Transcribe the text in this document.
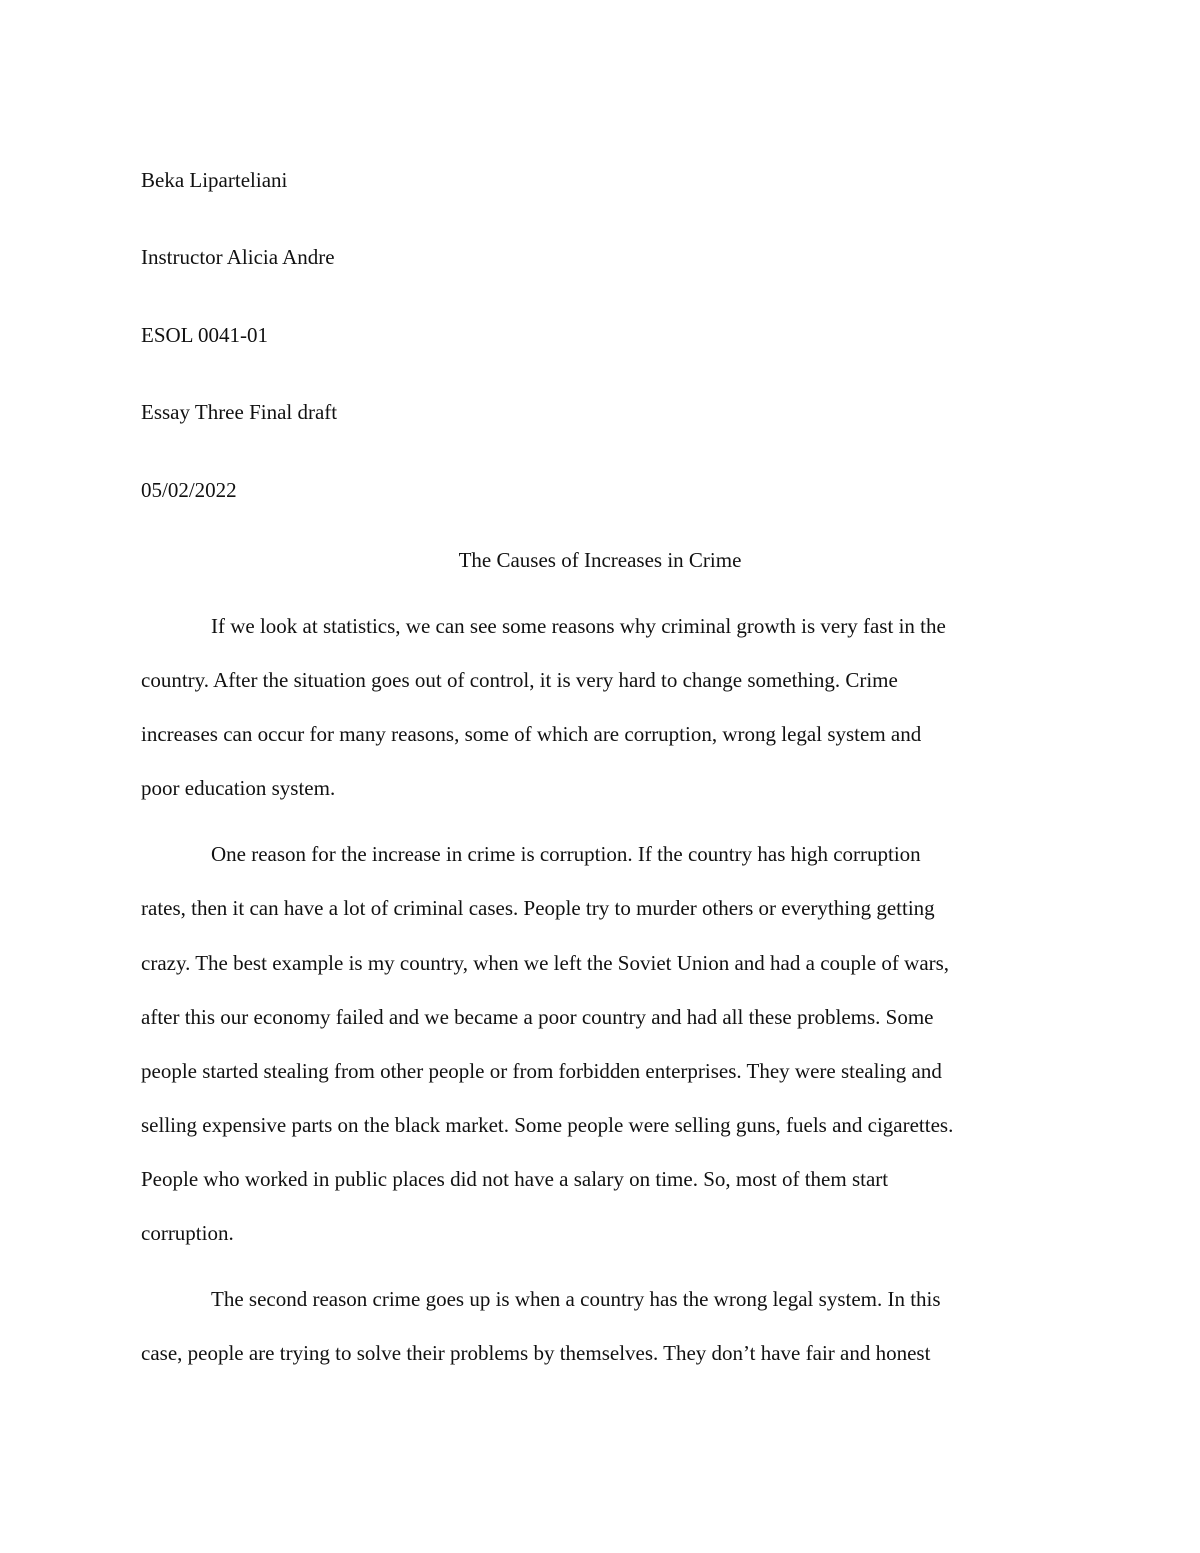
Beka Liparteliani
Instructor Alicia Andre
ESOL 0041-01
Essay Three Final draft
05/02/2022
The Causes of Increases in Crime
If we look at statistics, we can see some reasons why criminal growth is very fast in the
country. After the situation goes out of control, it is very hard to change something. Crime
increases can occur for many reasons, some of which are corruption, wrong legal system and
poor education system.
One reason for the increase in crime is corruption. If the country has high corruption
rates, then it can have a lot of criminal cases. People try to murder others or everything getting
crazy. The best example is my country, when we left the Soviet Union and had a couple of wars,
after this our economy failed and we became a poor country and had all these problems. Some
people started stealing from other people or from forbidden enterprises. They were stealing and
selling expensive parts on the black market. Some people were selling guns, fuels and cigarettes.
People who worked in public places did not have a salary on time. So, most of them start
corruption.
The second reason crime goes up is when a country has the wrong legal system. In this
case, people are trying to solve their problems by themselves. They don’t have fair and honest
